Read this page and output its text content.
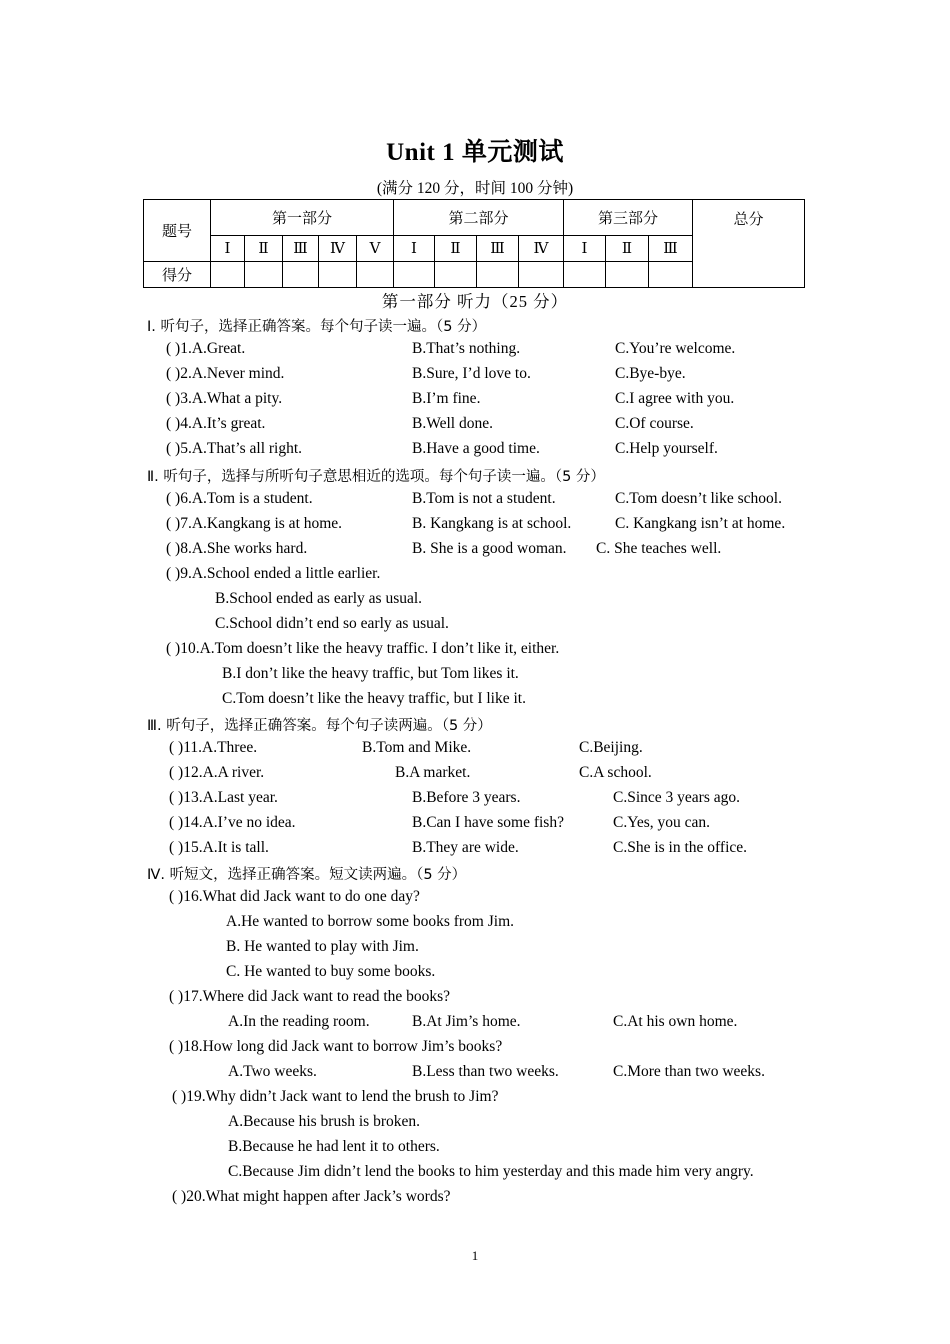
Unit 1 单元测试
(满分 120 分，时间 100 分钟)
题号	第一部分					第二部分				第三部分			总分
	Ⅰ	Ⅱ	Ⅲ	Ⅳ	Ⅴ	Ⅰ	Ⅱ	Ⅲ	Ⅳ	Ⅰ	Ⅱ	Ⅲ	
得分													
第一部分 听力（25 分）
Ⅰ. 听句子，选择正确答案。每个句子读一遍。（5 分）
( )1.A.Great.	B.That’s nothing.	C.You’re welcome.
( )2.A.Never mind.	B.Sure, I’d love to.	C.Bye-bye.
( )3.A.What a pity.	B.I’m fine.	C.I agree with you.
( )4.A.It’s great.	B.Well done.	C.Of course.
( )5.A.That’s all right.	B.Have a good time.	C.Help yourself.
Ⅱ. 听句子，选择与所听句子意思相近的选项。每个句子读一遍。（5 分）
( )6.A.Tom is a student.	B.Tom is not a student.	C.Tom doesn’t like school.
( )7.A.Kangkang is at home.	B. Kangkang is at school.	C. Kangkang isn’t at home.
( )8.A.She works hard.	B. She is a good woman. C. She teaches well.
( )9.A.School ended a little earlier.
B.School ended as early as usual.
C.School didn’t end so early as usual.
( )10.A.Tom doesn’t like the heavy traffic. I don’t like it, either.
B.I don’t like the heavy traffic, but Tom likes it.
C.Tom doesn’t like the heavy traffic, but I like it.
Ⅲ. 听句子，选择正确答案。每个句子读两遍。（5 分）
( )11.A.Three.	B.Tom and Mike.	C.Beijing.
( )12.A.A river.	B.A market.	C.A school.
( )13.A.Last year.	B.Before 3 years.	C.Since 3 years ago.
( )14.A.I’ve no idea.	B.Can I have some fish?	C.Yes, you can.
( )15.A.It is tall.	B.They are wide.	C.She is in the office.
Ⅳ. 听短文，选择正确答案。短文读两遍。（5 分）
( )16.What did Jack want to do one day?
A.He wanted to borrow some books from Jim.
B. He wanted to play with Jim.
C. He wanted to buy some books.
( )17.Where did Jack want to read the books?
A.In the reading room.	B.At Jim’s home.	C.At his own home.
( )18.How long did Jack want to borrow Jim’s books?
A.Two weeks.	B.Less than two weeks.	C.More than two weeks.
( )19.Why didn’t Jack want to lend the brush to Jim?
A.Because his brush is broken.
B.Because he had lent it to others.
C.Because Jim didn’t lend the books to him yesterday and this made him very angry.
( )20.What might happen after Jack’s words?
1
